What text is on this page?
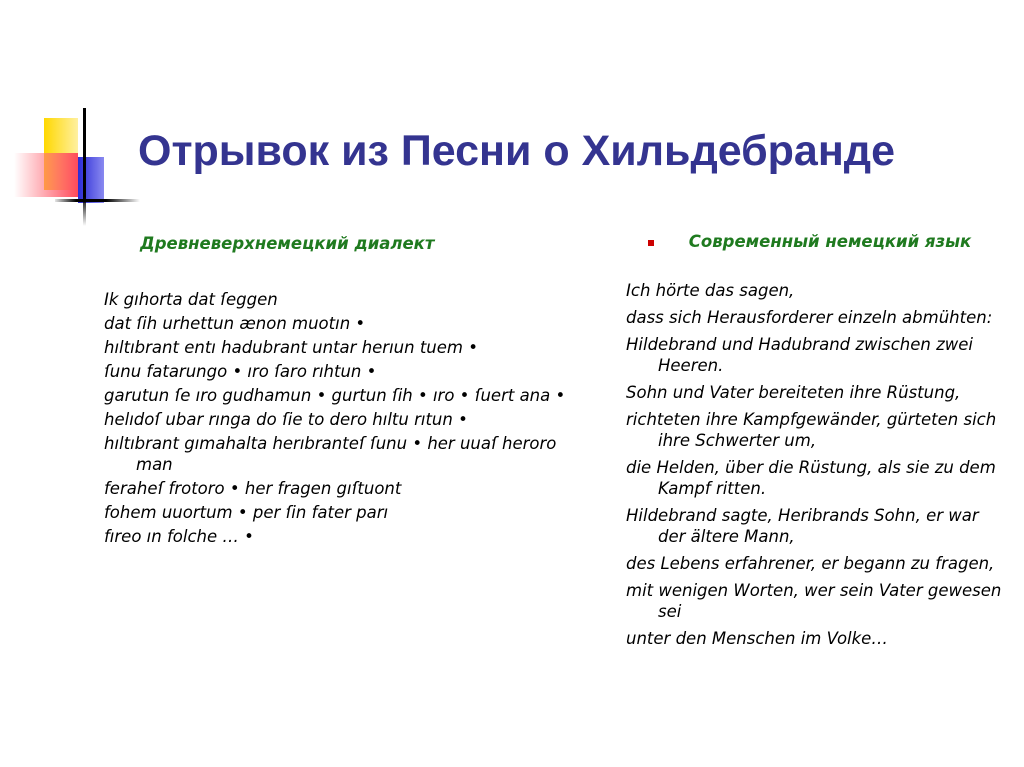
Отрывок из Песни о Хильдебранде
Древневерхнемецкий диалект	Современный немецкий язык
Ik gıhorta dat ſeggen
dat ſih urhettun ænon muotın •
hıltıbrant entı hadubrant untar herıun tuem •
ſunu fatarungo • ıro ſaro rıhtun •
garutun ſe ıro gudhamun • gurtun ſih • ıro • ſuert ana •
helıdoſ ubar rınga do ſie to dero hıltu rıtun •
hıltıbrant gımahalta herıbranteſ ſunu • her uuaſ heroro man
feraheſ frotoro • her fragen gıſtuont
fohem uuortum • per ſin fater parı
fıreo ın folche … •
Ich hörte das sagen,
dass sich Herausforderer einzeln abmühten:
Hildebrand und Hadubrand zwischen zwei Heeren.
Sohn und Vater bereiteten ihre Rüstung,
richteten ihre Kampfgewänder, gürteten sich ihre Schwerter um,
die Helden, über die Rüstung, als sie zu dem Kampf ritten.
Hildebrand sagte, Heribrands Sohn, er war der ältere Mann,
des Lebens erfahrener, er begann zu fragen,
mit wenigen Worten, wer sein Vater gewesen sei
unter den Menschen im Volke…
